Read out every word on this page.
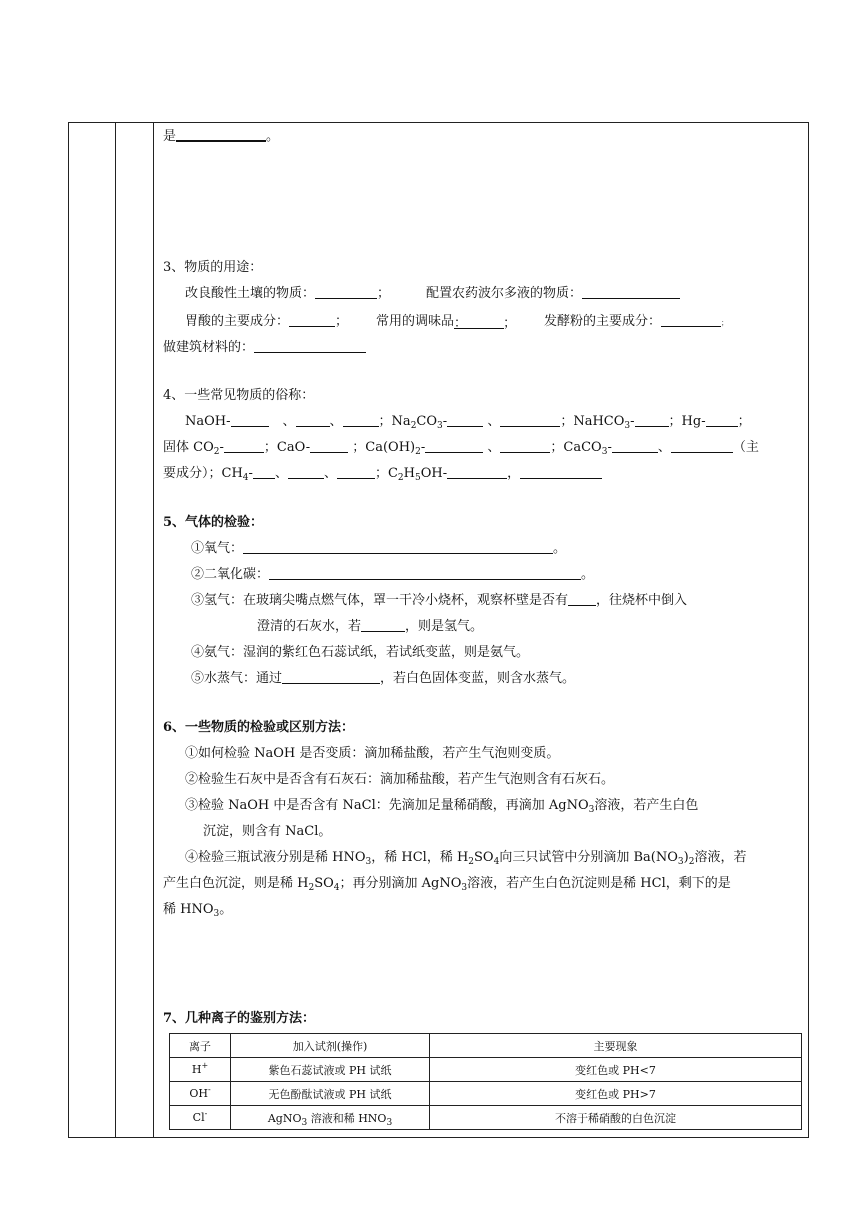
是	。
3、物质的用途：
改良酸性土壤的物质：	；	配置农药波尔多液的物质：
胃酸的主要成分：	； 常用的调味品：	； 发酵粉的主要成分：	；
做建筑材料的：
4、一些常见物质的俗称：
NaOH-	、	、	；$Na_2CO_3-$	、	；NaHCO$_3$-	；Hg- ；
固体 $CO_2-$	；CaO-	；$Ca(OH)_2-$	、	；CaCO$_3$-	、	（主
要成分）；$CH_4-$ 、	、	；$C_2H_5OH-$	，
5、气体的检验：
①氧气：	。
②二氧化碳：	。
③氢气：在玻璃尖嘴点燃气体，罩一干冷小烧杯，观察杯壁是否有 ，往烧杯中倒入
澄清的石灰水，若	，则是氢气。
④氨气：湿润的紫红色石蕊试纸，若试纸变蓝，则是氨气。
⑤水蒸气：通过	，若白色固体变蓝，则含水蒸气。
6、一些物质的检验或区别方法：
①如何检验 NaOH 是否变质：滴加稀盐酸，若产生气泡则变质。
②检验生石灰中是否含有石灰石：滴加稀盐酸，若产生气泡则含有石灰石。
③检验 NaOH 中是否含有 NaCl：先滴加足量稀硝酸，再滴加 AgNO$_3$溶液，若产生白色
沉淀，则含有 NaCl。
④检验三瓶试液分别是稀 $HNO_3$，稀 HCl，稀 $H_2SO_4$向三只试管中分别滴加 $Ba(NO_3)_2$溶液，若
产生白色沉淀，则是稀 $H_2SO_4$；再分别滴加 AgNO$_3$溶液，若产生白色沉淀则是稀 HCl，剩下的是
稀 $HNO_3$。
7、几种离子的鉴别方法：
离子	加入试剂(操作)	主要现象
H+	紫色石蕊试液或 PH 试纸	变红色或 PH<7
OH-	无色酚酞试液或 PH 试纸	变红色或 PH>7
Cl-	AgNO$_3$ 溶液和稀 $HNO_3$	不溶于稀硝酸的白色沉淀
